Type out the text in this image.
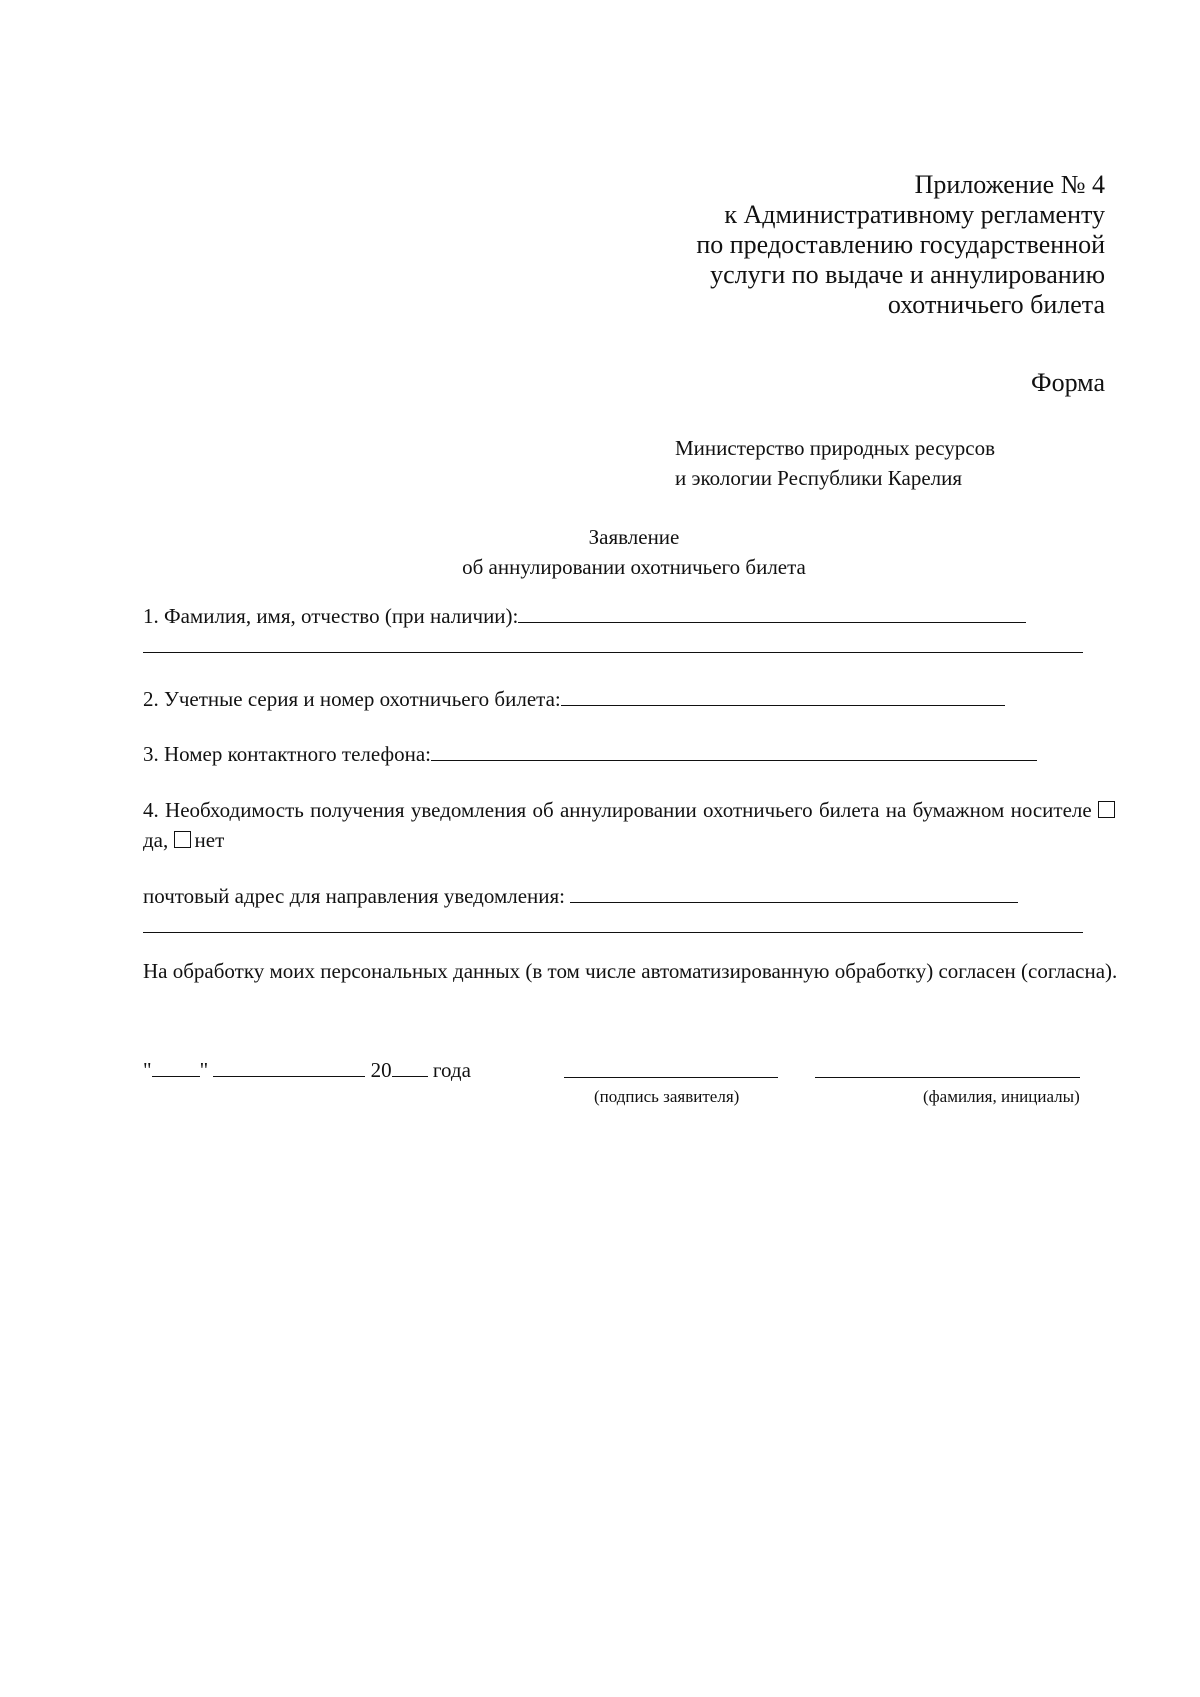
Приложение № 4
к Административному регламенту
по предоставлению государственной
услуги по выдаче и аннулированию
охотничьего билета
Форма
Министерство природных ресурсов
и экологии Республики Карелия
Заявление
об аннулировании охотничьего билета
1. Фамилия, имя, отчество (при наличии):
2. Учетные серия и номер охотничьего билета:
3. Номер контактного телефона:
4. Необходимость получения уведомления об аннулировании охотничьего билета на бумажном носителе да, нет
почтовый адрес для направления уведомления:
На обработку моих персональных данных (в том числе автоматизированную обработку) согласен (согласна).
" "	20 года
(подпись заявителя)	(фамилия, инициалы)
